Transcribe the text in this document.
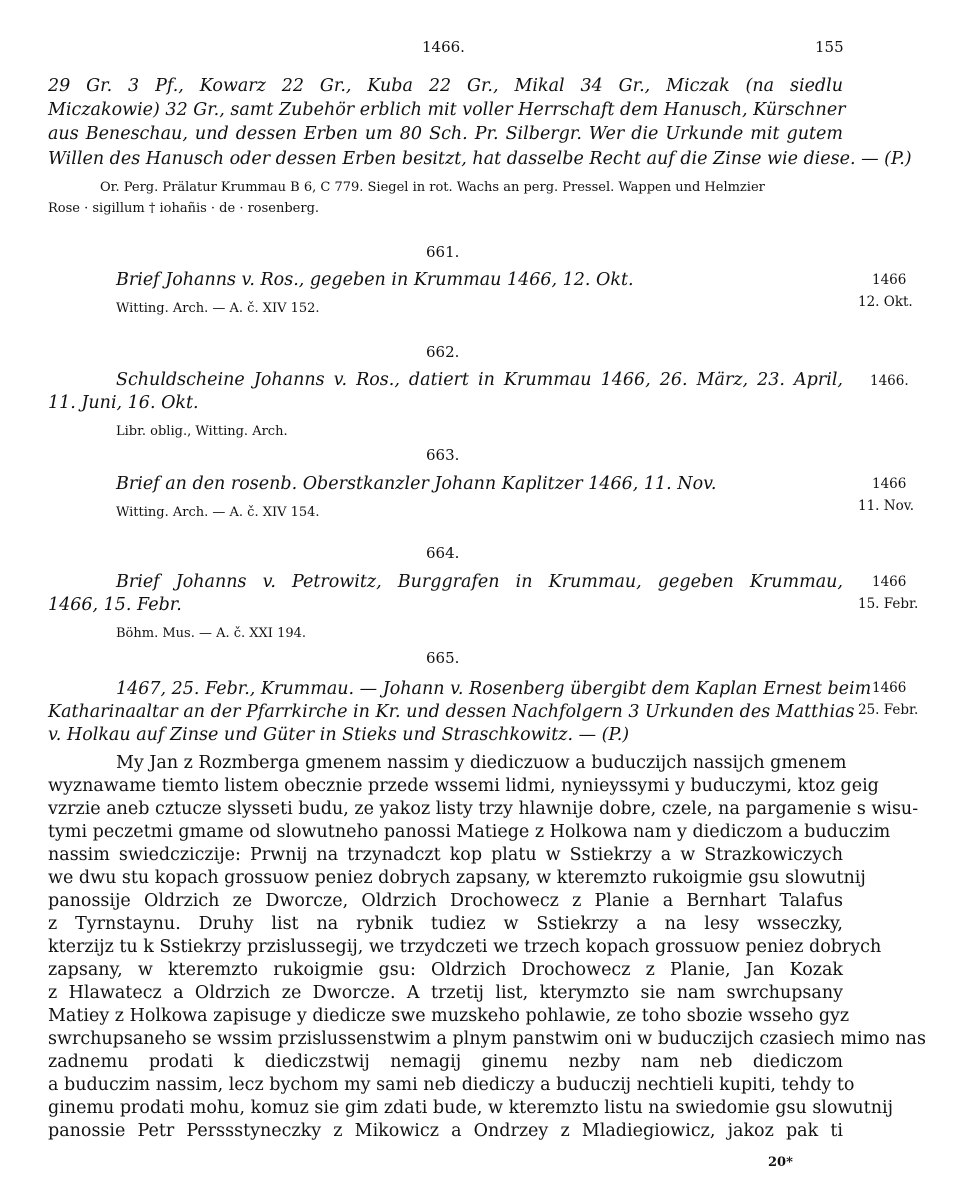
1466.	155
29 Gr. 3 Pf., Kowarz 22 Gr., Kuba 22 Gr., Mikal 34 Gr., Miczak (na siedlu
Miczakowie) 32 Gr., samt Zubehör erblich mit voller Herrschaft dem Hanusch, Kürschner
aus Beneschau, und dessen Erben um 80 Sch. Pr. Silbergr. Wer die Urkunde mit gutem
Willen des Hanusch oder dessen Erben besitzt, hat dasselbe Recht auf die Zinse wie diese. — (P.)
Or. Perg. Prälatur Krummau B 6, C 779. Siegel in rot. Wachs an perg. Pressel. Wappen und Helmzier
Rose · sigillum † iohañis · de · rosenberg.
661.
Brief Johanns v. Ros., gegeben in Krummau 1466, 12. Okt.
Witting. Arch. — A. č. XIV 152.
1466
12. Okt.
662.
Schuldscheine Johanns v. Ros., datiert in Krummau 1466, 26. März, 23. April,
11. Juni, 16. Okt.
Libr. oblig., Witting. Arch.
1466.
663.
Brief an den rosenb. Oberstkanzler Johann Kaplitzer 1466, 11. Nov.
Witting. Arch. — A. č. XIV 154.
1466
11. Nov.
664.
Brief Johanns v. Petrowitz, Burggrafen in Krummau, gegeben Krummau,
1466, 15. Febr.
Böhm. Mus. — A. č. XXI 194.
1466
15. Febr.
665.
1467, 25. Febr., Krummau. — Johann v. Rosenberg übergibt dem Kaplan Ernest beim
Katharinaaltar an der Pfarrkirche in Kr. und dessen Nachfolgern 3 Urkunden des Matthias
v. Holkau auf Zinse und Güter in Stieks und Straschkowitz. — (P.)
1466
25. Febr.
My Jan z Rozmberga gmenem nassim y diediczuow a buduczijch nassijch gmenem
wyznawame tiemto listem obecznie przede wssemi lidmi, nynieyssymi y buduczymi, ktoz geig
vzrzie aneb cztucze slysseti budu, ze yakoz listy trzy hlawnije dobre, czele, na pargamenie s wisu-
tymi peczetmi gmame od slowutneho panossi Matiege z Holkowa nam y diediczom a buduczim
nassim swiedcziczije: Prwnij na trzynadczt kop platu w Sstiekrzy a w Strazkowiczych
we dwu stu kopach grossuow peniez dobrych zapsany, w kteremzto rukoigmie gsu slowutnij
panossije Oldrzich ze Dworcze, Oldrzich Drochowecz z Planie a Bernhart Talafus
z Tyrnstaynu. Druhy list na rybnik tudiez w Sstiekrzy a na lesy wsseczky,
kterzijz tu k Sstiekrzy przislussegij, we trzydczeti we trzech kopach grossuow peniez dobrych
zapsany, w kteremzto rukoigmie gsu: Oldrzich Drochowecz z Planie, Jan Kozak
z Hlawatecz a Oldrzich ze Dworcze. A trzetij list, kterymzto sie nam swrchupsany
Matiey z Holkowa zapisuge y diedicze swe muzskeho pohlawie, ze toho sbozie wsseho gyz
swrchupsaneho se wssim przislussenstwim a plnym panstwim oni w buduczijch czasiech mimo nas
zadnemu prodati k diediczstwij nemagij ginemu nezby nam neb diediczom
a buduczim nassim, lecz bychom my sami neb diediczy a buduczij nechtieli kupiti, tehdy to
ginemu prodati mohu, komuz sie gim zdati bude, w kteremzto listu na swiedomie gsu slowutnij
panossie Petr Perssstyneczky z Mikowicz a Ondrzey z Mladiegiowicz, jakoz pak ti
20*
